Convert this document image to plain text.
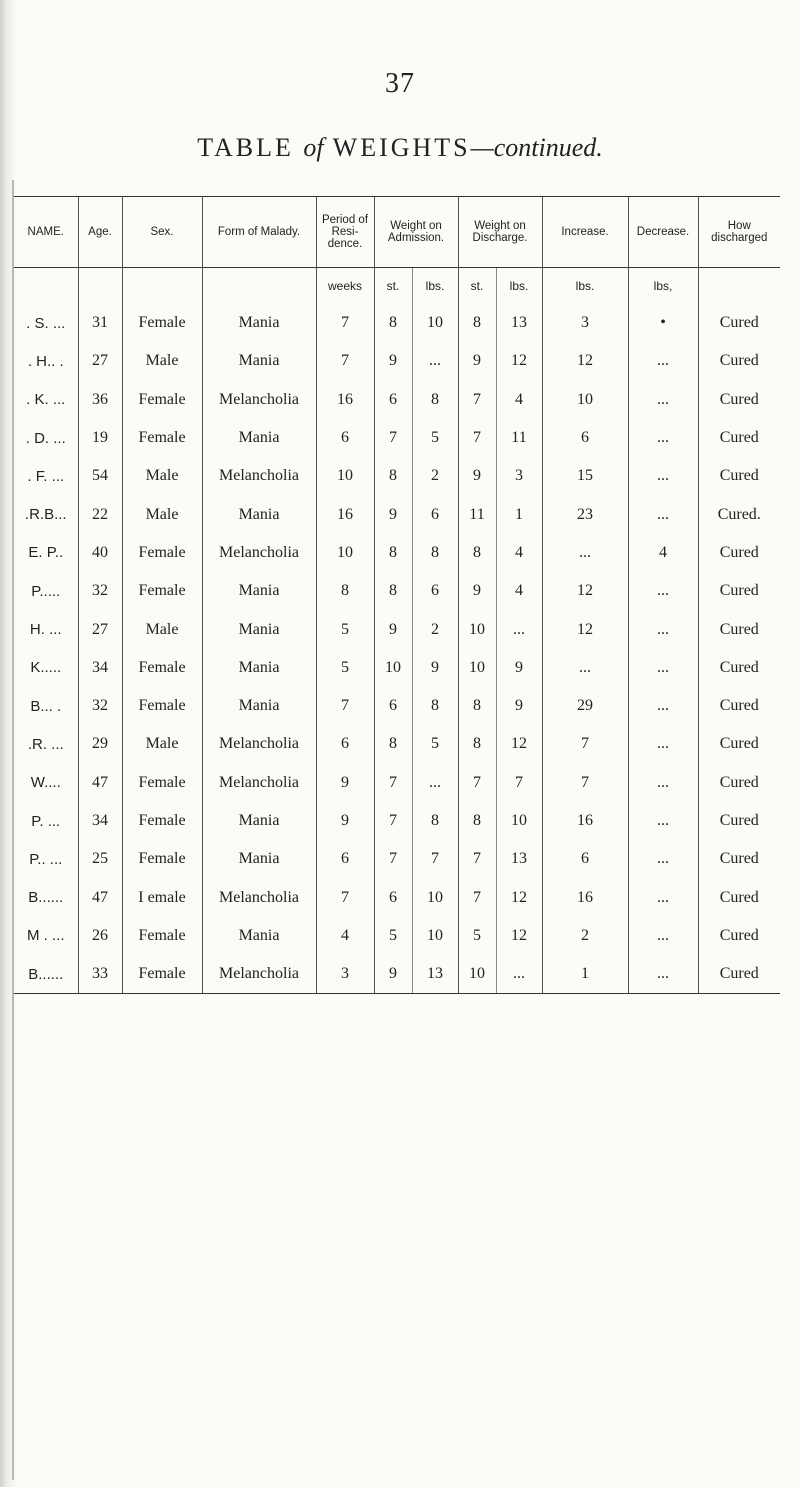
37
TABLE of WEIGHTS—continued.
NAME.	Age.	Sex.	Form of Malady.	Period of Resi- dence.	Weight on Admission.		Weight on Discharge.		Increase.	Decrease.	How discharged
				weeks	st.	lbs.	st.	lbs.	lbs.	lbs,	
. S. ...	31	Female	Mania	7	8	10	8	13	3	•	Cured
. H.. .	27	Male	Mania	7	9	...	9	12	12	...	Cured
. K. ...	36	Female	Melancholia	16	6	8	7	4	10	...	Cured
. D. ...	19	Female	Mania	6	7	5	7	11	6	...	Cured
. F. ...	54	Male	Melancholia	10	8	2	9	3	15	...	Cured
.R.B...	22	Male	Mania	16	9	6	11	1	23	...	Cured.
E. P..	40	Female	Melancholia	10	8	8	8	4	...	4	Cured
P.....	32	Female	Mania	8	8	6	9	4	12	...	Cured
H. ...	27	Male	Mania	5	9	2	10	...	12	...	Cured
K.....	34	Female	Mania	5	10	9	10	9	...	...	Cured
B... .	32	Female	Mania	7	6	8	8	9	29	...	Cured
.R. ...	29	Male	Melancholia	6	8	5	8	12	7	...	Cured
W....	47	Female	Melancholia	9	7	...	7	7	7	...	Cured
P. ...	34	Female	Mania	9	7	8	8	10	16	...	Cured
P.. ...	25	Female	Mania	6	7	7	7	13	6	...	Cured
B......	47	I emale	Melancholia	7	6	10	7	12	16	...	Cured
M . ...	26	Female	Mania	4	5	10	5	12	2	...	Cured
B......	33	Female	Melancholia	3	9	13	10	...	1	...	Cured
